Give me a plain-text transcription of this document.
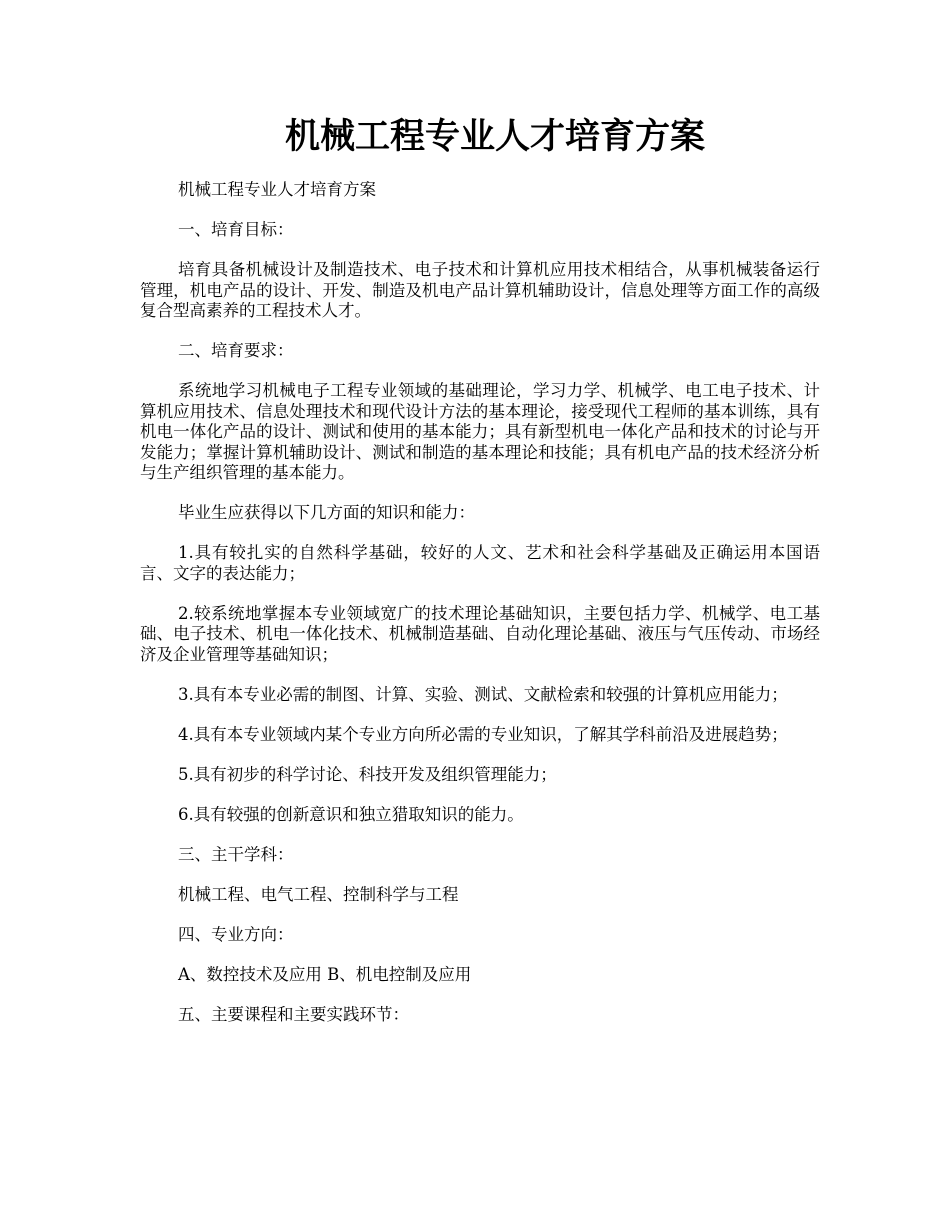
机械工程专业人才培育方案

机械工程专业人才培育方案

一、培育目标：

培育具备机械设计及制造技术、电子技术和计算机应用技术相结合，从事机械装备运行管理，机电产品的设计、开发、制造及机电产品计算机辅助设计，信息处理等方面工作的高级复合型高素养的工程技术人才。

二、培育要求：

系统地学习机械电子工程专业领域的基础理论，学习力学、机械学、电工电子技术、计算机应用技术、信息处理技术和现代设计方法的基本理论，接受现代工程师的基本训练，具有机电一体化产品的设计、测试和使用的基本能力；具有新型机电一体化产品和技术的讨论与开发能力；掌握计算机辅助设计、测试和制造的基本理论和技能；具有机电产品的技术经济分析与生产组织管理的基本能力。

毕业生应获得以下几方面的知识和能力：

1.具有较扎实的自然科学基础，较好的人文、艺术和社会科学基础及正确运用本国语言、文字的表达能力；

2.较系统地掌握本专业领域宽广的技术理论基础知识，主要包括力学、机械学、电工基础、电子技术、机电一体化技术、机械制造基础、自动化理论基础、液压与气压传动、市场经济及企业管理等基础知识；

3.具有本专业必需的制图、计算、实验、测试、文献检索和较强的计算机应用能力；

4.具有本专业领域内某个专业方向所必需的专业知识，了解其学科前沿及进展趋势；

5.具有初步的科学讨论、科技开发及组织管理能力；

6.具有较强的创新意识和独立猎取知识的能力。

三、主干学科：

机械工程、电气工程、控制科学与工程

四、专业方向：

A、数控技术及应用 B、机电控制及应用

五、主要课程和主要实践环节：
